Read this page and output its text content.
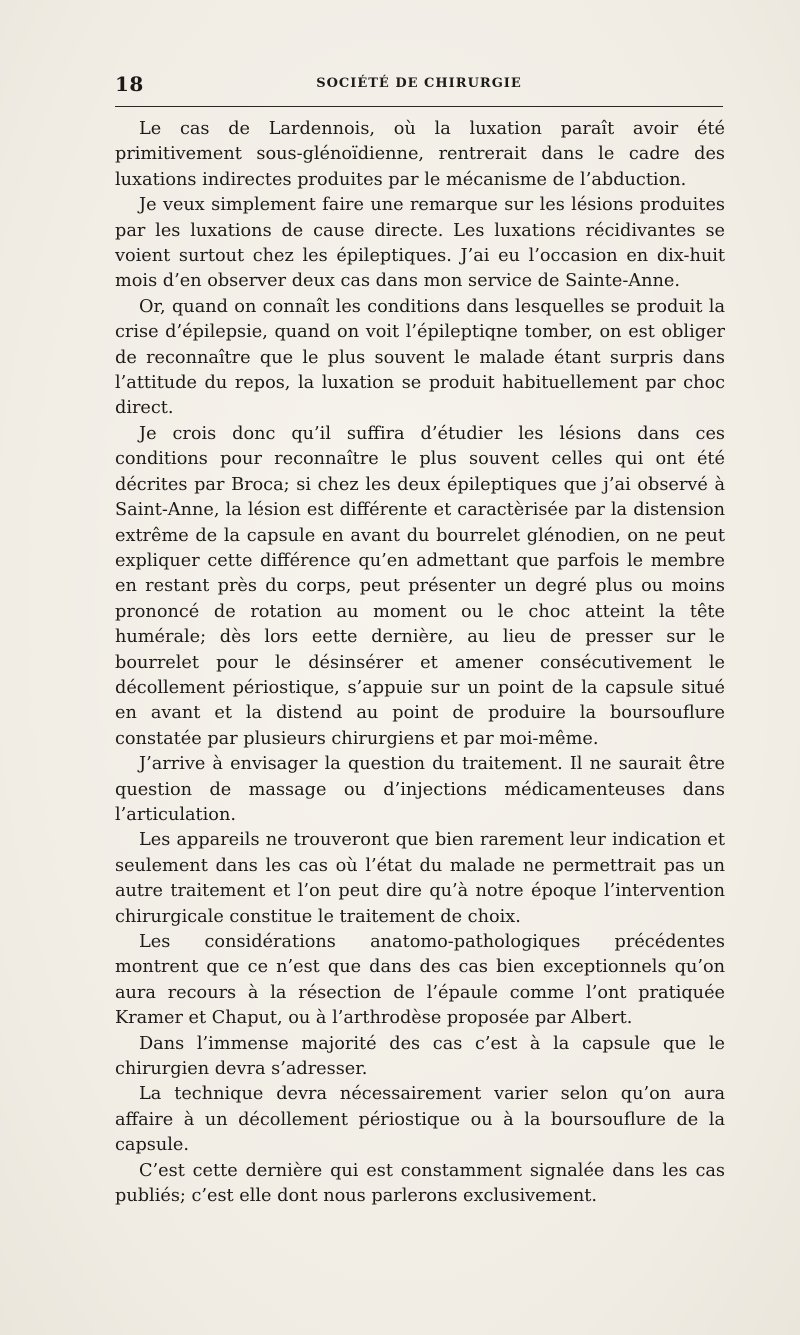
18	SOCIÉTÉ DE CHIRURGIE

Le cas de Lardennois, où la luxation paraît avoir été primitivement sous-glénoïdienne, rentrerait dans le cadre des luxations indirectes produites par le mécanisme de l’abduction.

Je veux simplement faire une remarque sur les lésions produites par les luxations de cause directe. Les luxations récidivantes se voient surtout chez les épileptiques. J’ai eu l’occasion en dix-huit mois d’en observer deux cas dans mon service de Sainte-Anne.

Or, quand on connaît les conditions dans lesquelles se produit la crise d’épilepsie, quand on voit l’épileptiqne tomber, on est obliger de reconnaître que le plus souvent le malade étant surpris dans l’attitude du repos, la luxation se produit habituellement par choc direct.

Je crois donc qu’il suffira d’étudier les lésions dans ces conditions pour reconnaître le plus souvent celles qui ont été décrites par Broca; si chez les deux épileptiques que j’ai observé à Saint-Anne, la lésion est différente et caractèrisée par la distension extrême de la capsule en avant du bourrelet glénodien, on ne peut expliquer cette différence qu’en admettant que parfois le membre en restant près du corps, peut présenter un degré plus ou moins prononcé de rotation au moment ou le choc atteint la tête humérale; dès lors eette dernière, au lieu de presser sur le bourrelet pour le désinsérer et amener consécutivement le décollement périostique, s’appuie sur un point de la capsule situé en avant et la distend au point de produire la boursouflure constatée par plusieurs chirurgiens et par moi-même.

J’arrive à envisager la question du traitement. Il ne saurait être question de massage ou d’injections médicamenteuses dans l’articulation.

Les appareils ne trouveront que bien rarement leur indication et seulement dans les cas où l’état du malade ne permettrait pas un autre traitement et l’on peut dire qu’à notre époque l’intervention chirurgicale constitue le traitement de choix.

Les considérations anatomo-pathologiques précédentes montrent que ce n’est que dans des cas bien exceptionnels qu’on aura recours à la résection de l’épaule comme l’ont pratiquée Kramer et Chaput, ou à l’arthrodèse proposée par Albert.

Dans l’immense majorité des cas c’est à la capsule que le chirurgien devra s’adresser.

La technique devra nécessairement varier selon qu’on aura affaire à un décollement périostique ou à la boursouflure de la capsule.

C’est cette dernière qui est constamment signalée dans les cas publiés; c’est elle dont nous parlerons exclusivement.
